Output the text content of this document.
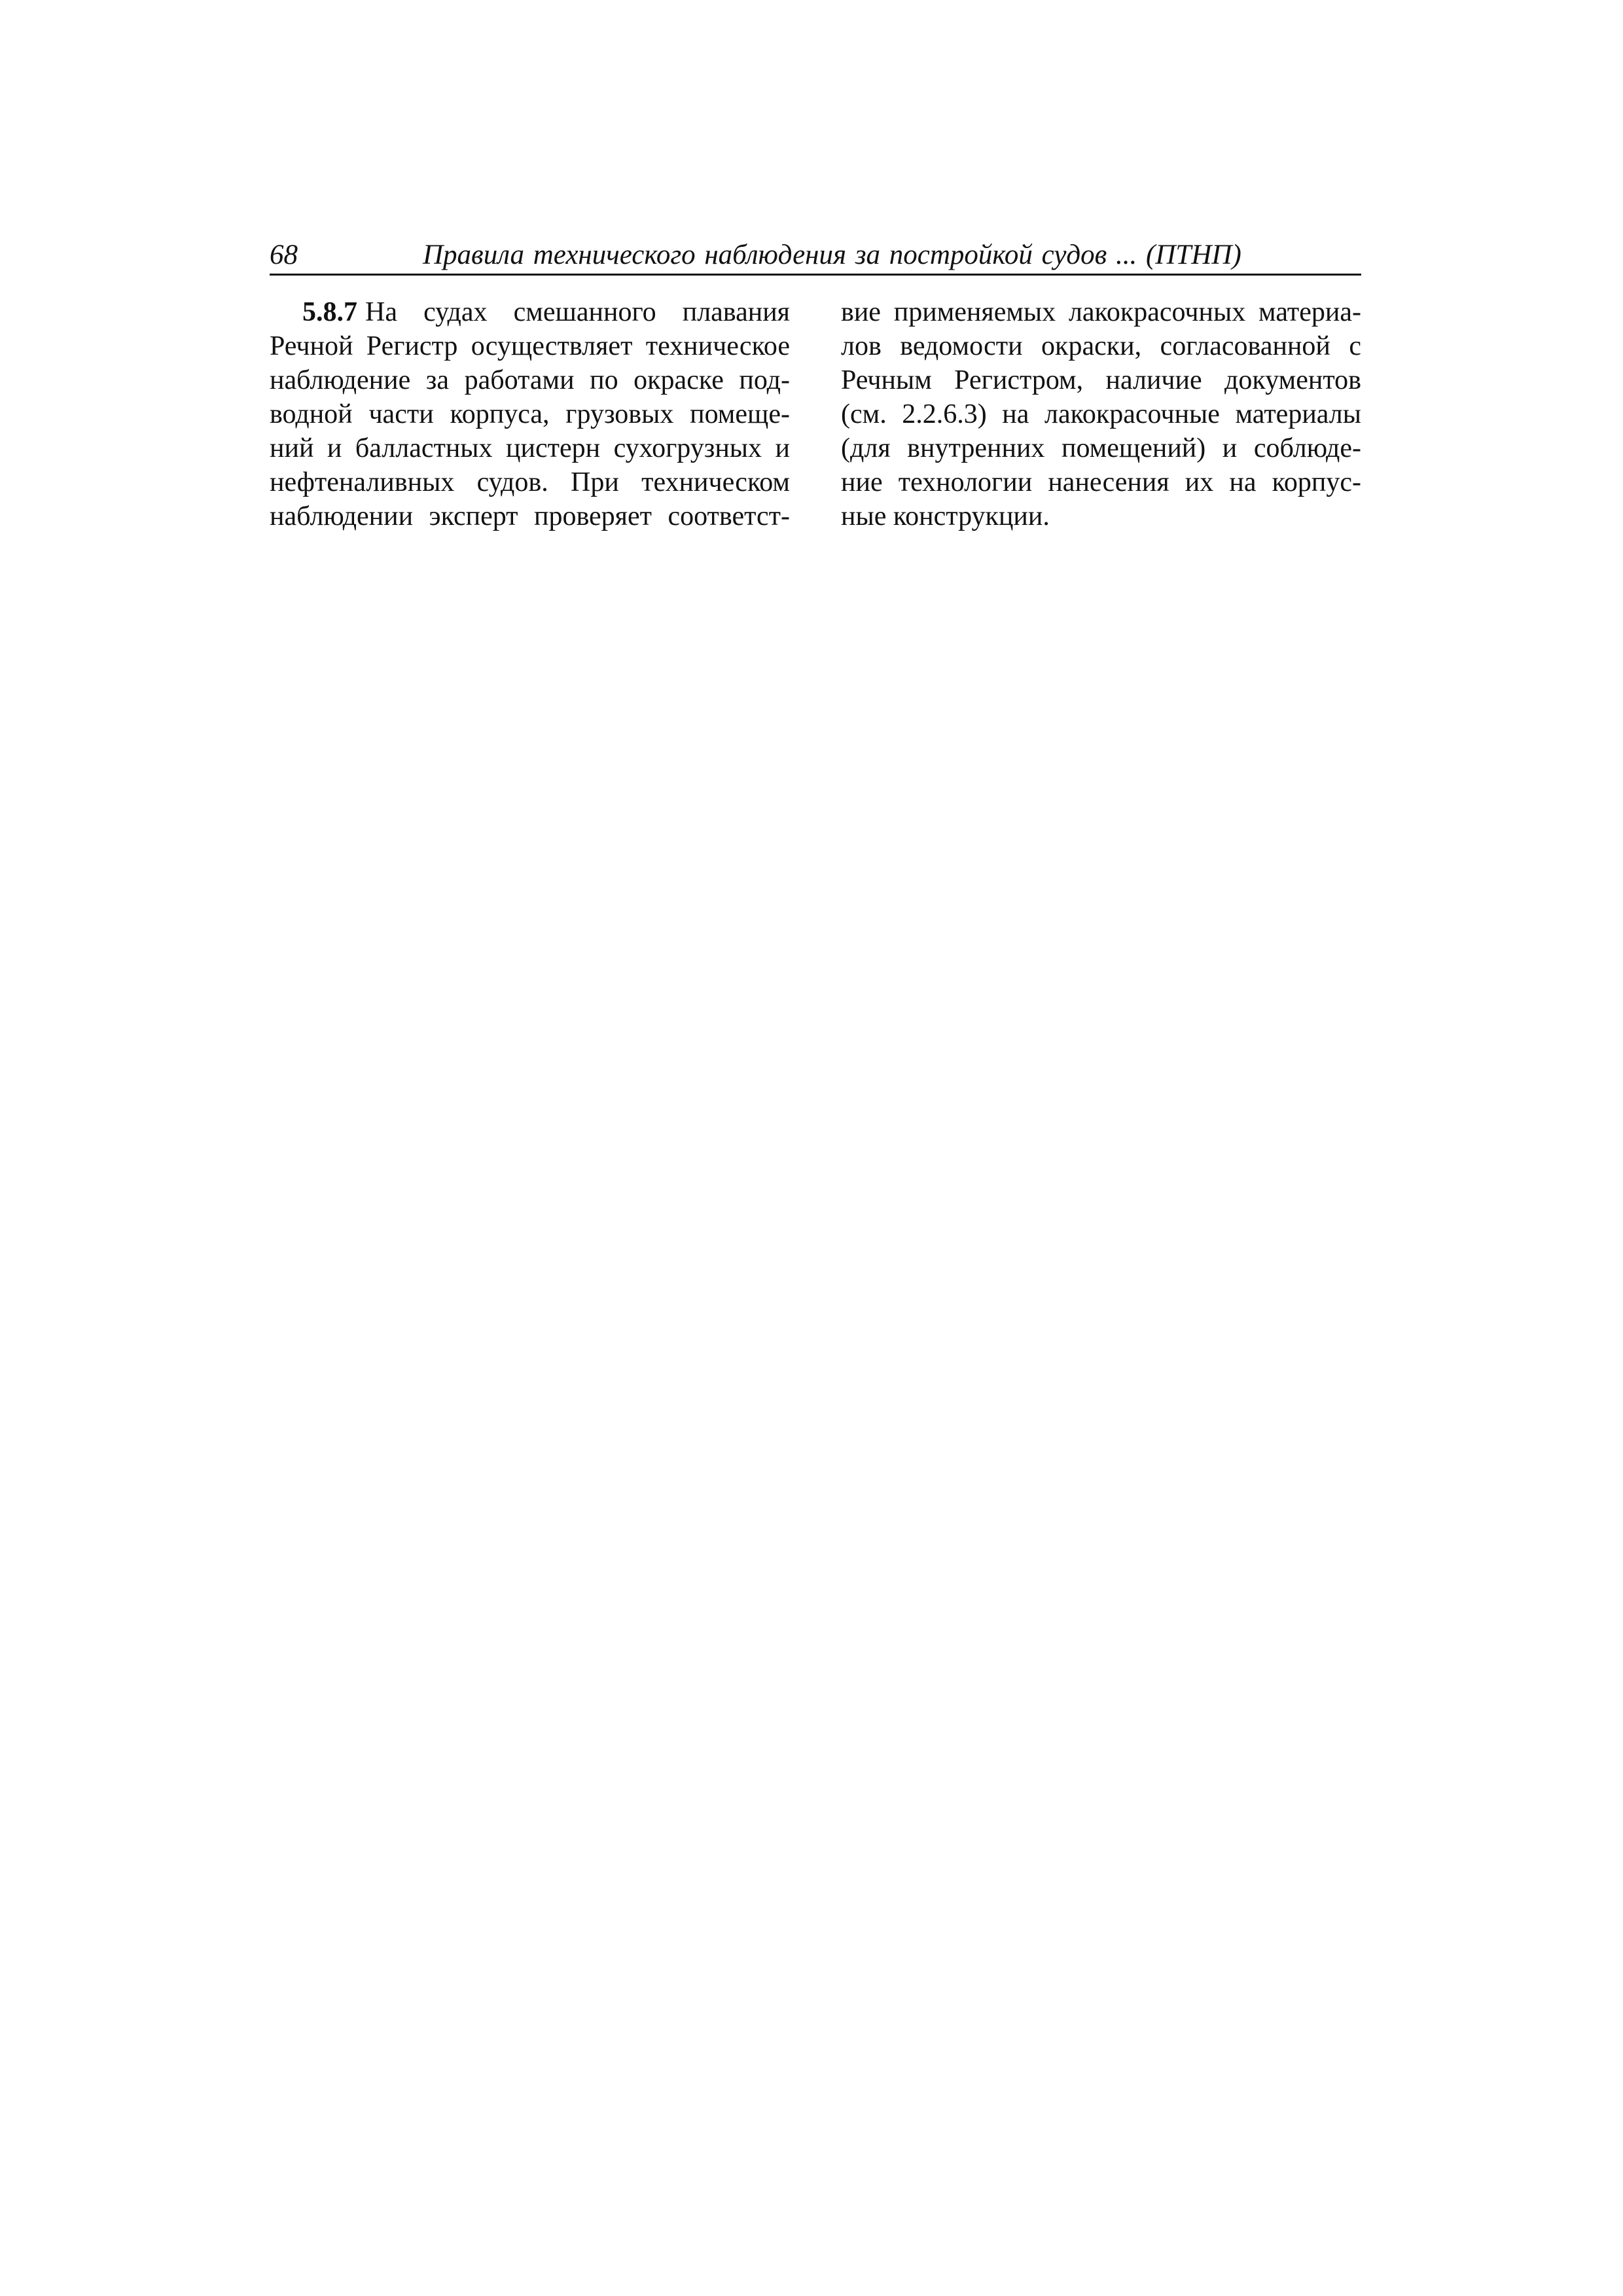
68	Правила технического наблюдения за постройкой судов ... (ПТНП)
5.8.7 На судах смешанного плавания
Речной Регистр осуществляет техническое
наблюдение за работами по окраске под-
водной части корпуса, грузовых помеще-
ний и балластных цистерн сухогрузных и
нефтеналивных судов. При техническом
наблюдении эксперт проверяет соответст-
вие применяемых лакокрасочных материа-
лов ведомости окраски, согласованной с
Речным Регистром, наличие документов
(см. 2.2.6.3) на лакокрасочные материалы
(для внутренних помещений) и соблюде-
ние технологии нанесения их на корпус-
ные конструкции.
